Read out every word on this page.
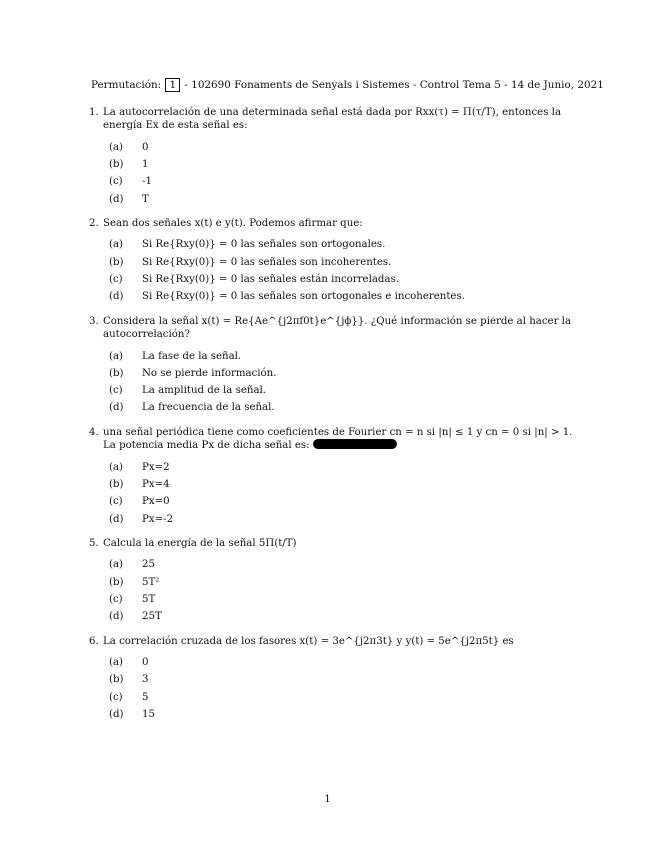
Permutación: 1 - 102690 Fonaments de Senyals i Sistemes - Control Tema 5 - 14 de Junio, 2021
1. La autocorrelación de una determinada señal está dada por Rxx(τ) = Π(τ/T), entonces la energía Ex de esta señal es:
(a)	0
(b)	1
(c)	-1
(d)	T
2. Sean dos señales x(t) e y(t). Podemos afirmar que:
(a)	Si Re{Rxy(0)} = 0 las señales son ortogonales.
(b)	Si Re{Rxy(0)} = 0 las señales son incoherentes.
(c)	Si Re{Rxy(0)} = 0 las señales están incorreladas.
(d)	Si Re{Rxy(0)} = 0 las señales son ortogonales e incoherentes.
3. Considera la señal x(t) = Re{Ae^{j2πf0t}e^{jϕ}}. ¿Qué información se pierde al hacer la autocorrelación?
(a)	La fase de la señal.
(b)	No se pierde información.
(c)	La amplitud de la señal.
(d)	La frecuencia de la señal.
4. una señal periódica tiene como coeficientes de Fourier cn = n si |n| ≤ 1 y cn = 0 si |n| > 1. La potencia media Px de dicha señal es:
(a)	Px=2
(b)	Px=4
(c)	Px=0
(d)	Px=-2
5. Calcula la energía de la señal 5Π(t/T)
(a)	25
(b)	5T²
(c)	5T
(d)	25T
6. La correlación cruzada de los fasores x(t) = 3e^{j2π3t} y y(t) = 5e^{j2π5t} es
(a)	0
(b)	3
(c)	5
(d)	15
1
